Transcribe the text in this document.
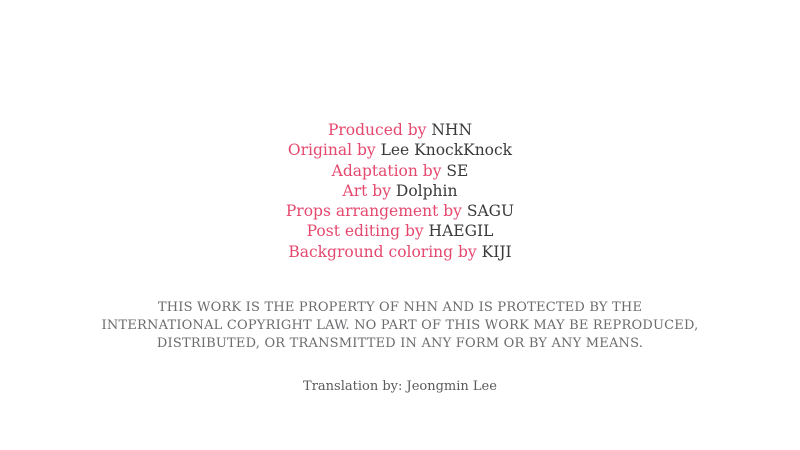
Produced by NHN
Original by Lee KnockKnock
Adaptation by SE
Art by Dolphin
Props arrangement by SAGU
Post editing by HAEGIL
Background coloring by KIJI
THIS WORK IS THE PROPERTY OF NHN AND IS PROTECTED BY THE
INTERNATIONAL COPYRIGHT LAW. NO PART OF THIS WORK MAY BE REPRODUCED,
DISTRIBUTED, OR TRANSMITTED IN ANY FORM OR BY ANY MEANS.
Translation by: Jeongmin Lee
